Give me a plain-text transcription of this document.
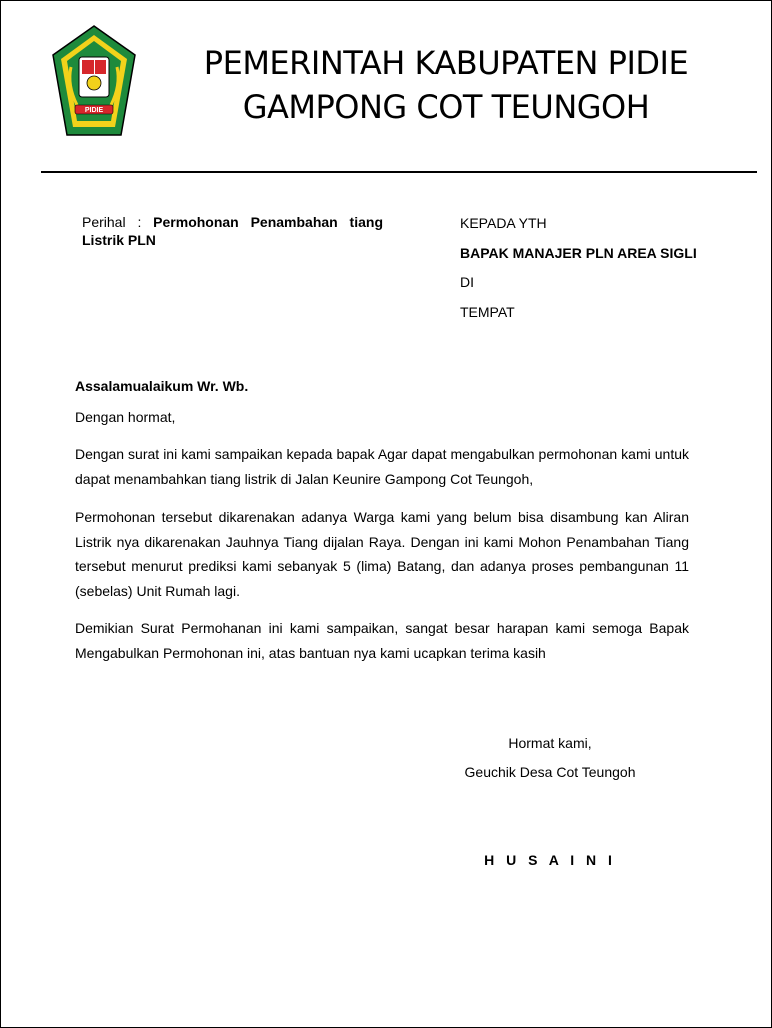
PIDIE
PEMERINTAH KABUPATEN PIDIE
GAMPONG COT TEUNGOH
Perihal : Permohonan Penambahan tiang Listrik PLN
KEPADA YTH
BAPAK MANAJER PLN AREA SIGLI
DI
TEMPAT
Assalamualaikum Wr. Wb.
Dengan hormat,
Dengan surat ini kami sampaikan kepada bapak Agar dapat mengabulkan permohonan kami untuk dapat menambahkan tiang listrik di Jalan Keunire Gampong Cot Teungoh,
Permohonan tersebut dikarenakan adanya Warga kami yang belum bisa disambung kan Aliran Listrik nya dikarenakan Jauhnya Tiang dijalan Raya. Dengan ini kami Mohon Penambahan Tiang tersebut menurut prediksi kami sebanyak 5 (lima) Batang, dan adanya proses pembangunan 11 (sebelas) Unit Rumah lagi.
Demikian Surat Permohanan ini kami sampaikan, sangat besar harapan kami semoga Bapak Mengabulkan Permohonan ini, atas bantuan nya kami ucapkan terima kasih
Hormat kami,
Geuchik Desa Cot Teungoh
H U S A I N I
